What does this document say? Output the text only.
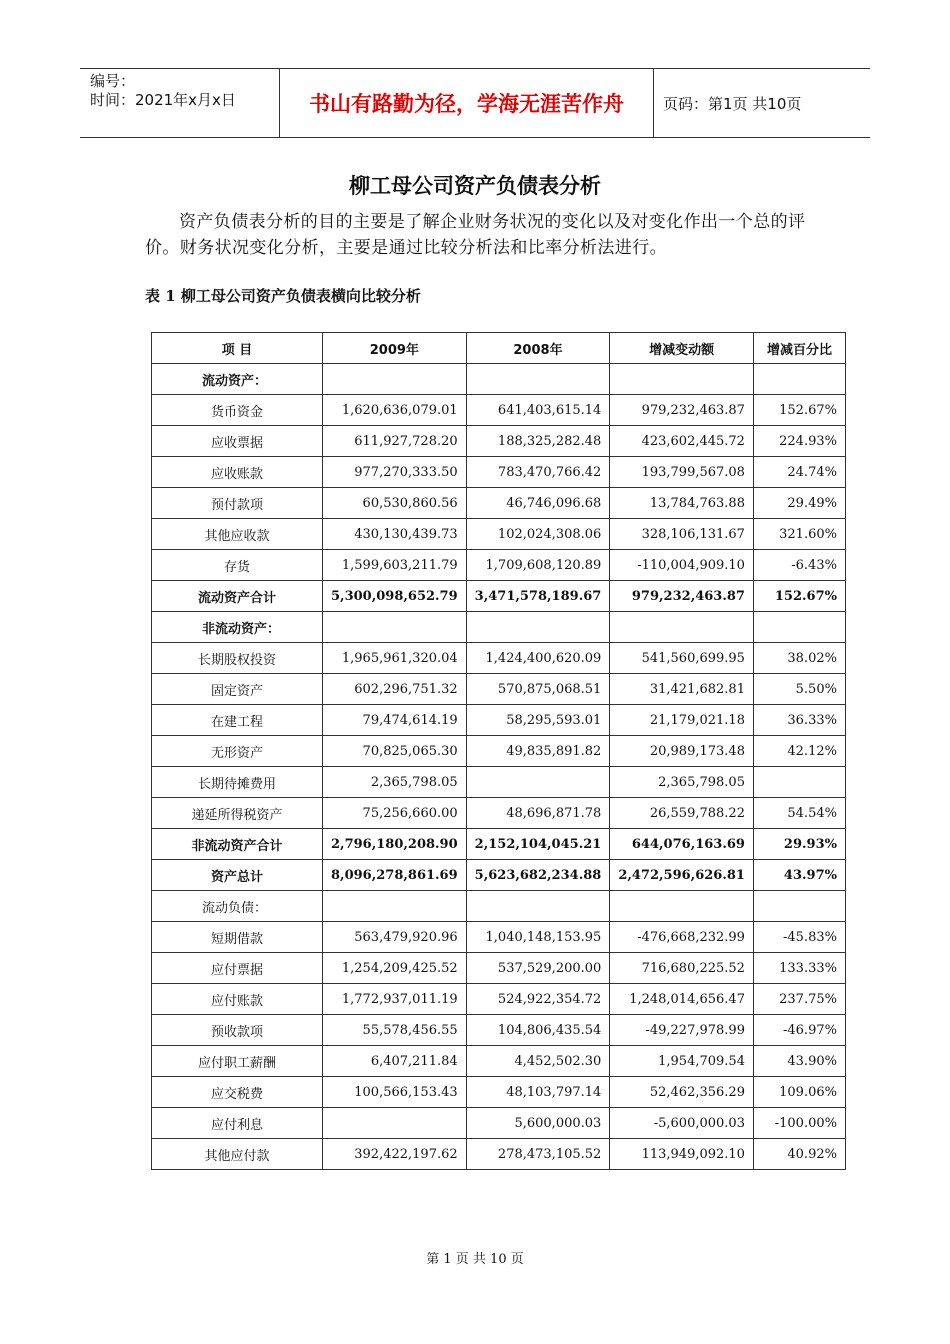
编号：
时间：2021年x月x日	书山有路勤为径，学海无涯苦作舟	页码：第1页 共10页
柳工母公司资产负债表分析
资产负债表分析的目的主要是了解企业财务状况的变化以及对变化作出一个总的评价。财务状况变化分析，主要是通过比较分析法和比率分析法进行。
表 1 柳工母公司资产负债表横向比较分析
项 目	2009年	2008年	增减变动额	增减百分比
流动资产：				
货币资金	1,620,636,079.01	641,403,615.14	979,232,463.87	152.67%
应收票据	611,927,728.20	188,325,282.48	423,602,445.72	224.93%
应收账款	977,270,333.50	783,470,766.42	193,799,567.08	24.74%
预付款项	60,530,860.56	46,746,096.68	13,784,763.88	29.49%
其他应收款	430,130,439.73	102,024,308.06	328,106,131.67	321.60%
存货	1,599,603,211.79	1,709,608,120.89	-110,004,909.10	-6.43%
流动资产合计	5,300,098,652.79	3,471,578,189.67	979,232,463.87	152.67%
非流动资产：				
长期股权投资	1,965,961,320.04	1,424,400,620.09	541,560,699.95	38.02%
固定资产	602,296,751.32	570,875,068.51	31,421,682.81	5.50%
在建工程	79,474,614.19	58,295,593.01	21,179,021.18	36.33%
无形资产	70,825,065.30	49,835,891.82	20,989,173.48	42.12%
长期待摊费用	2,365,798.05		2,365,798.05	
递延所得税资产	75,256,660.00	48,696,871.78	26,559,788.22	54.54%
非流动资产合计	2,796,180,208.90	2,152,104,045.21	644,076,163.69	29.93%
资产总计	8,096,278,861.69	5,623,682,234.88	2,472,596,626.81	43.97%
流动负债：				
短期借款	563,479,920.96	1,040,148,153.95	-476,668,232.99	-45.83%
应付票据	1,254,209,425.52	537,529,200.00	716,680,225.52	133.33%
应付账款	1,772,937,011.19	524,922,354.72	1,248,014,656.47	237.75%
预收款项	55,578,456.55	104,806,435.54	-49,227,978.99	-46.97%
应付职工薪酬	6,407,211.84	4,452,502.30	1,954,709.54	43.90%
应交税费	100,566,153.43	48,103,797.14	52,462,356.29	109.06%
应付利息		5,600,000.03	-5,600,000.03	-100.00%
其他应付款	392,422,197.62	278,473,105.52	113,949,092.10	40.92%
第 1 页 共 10 页
